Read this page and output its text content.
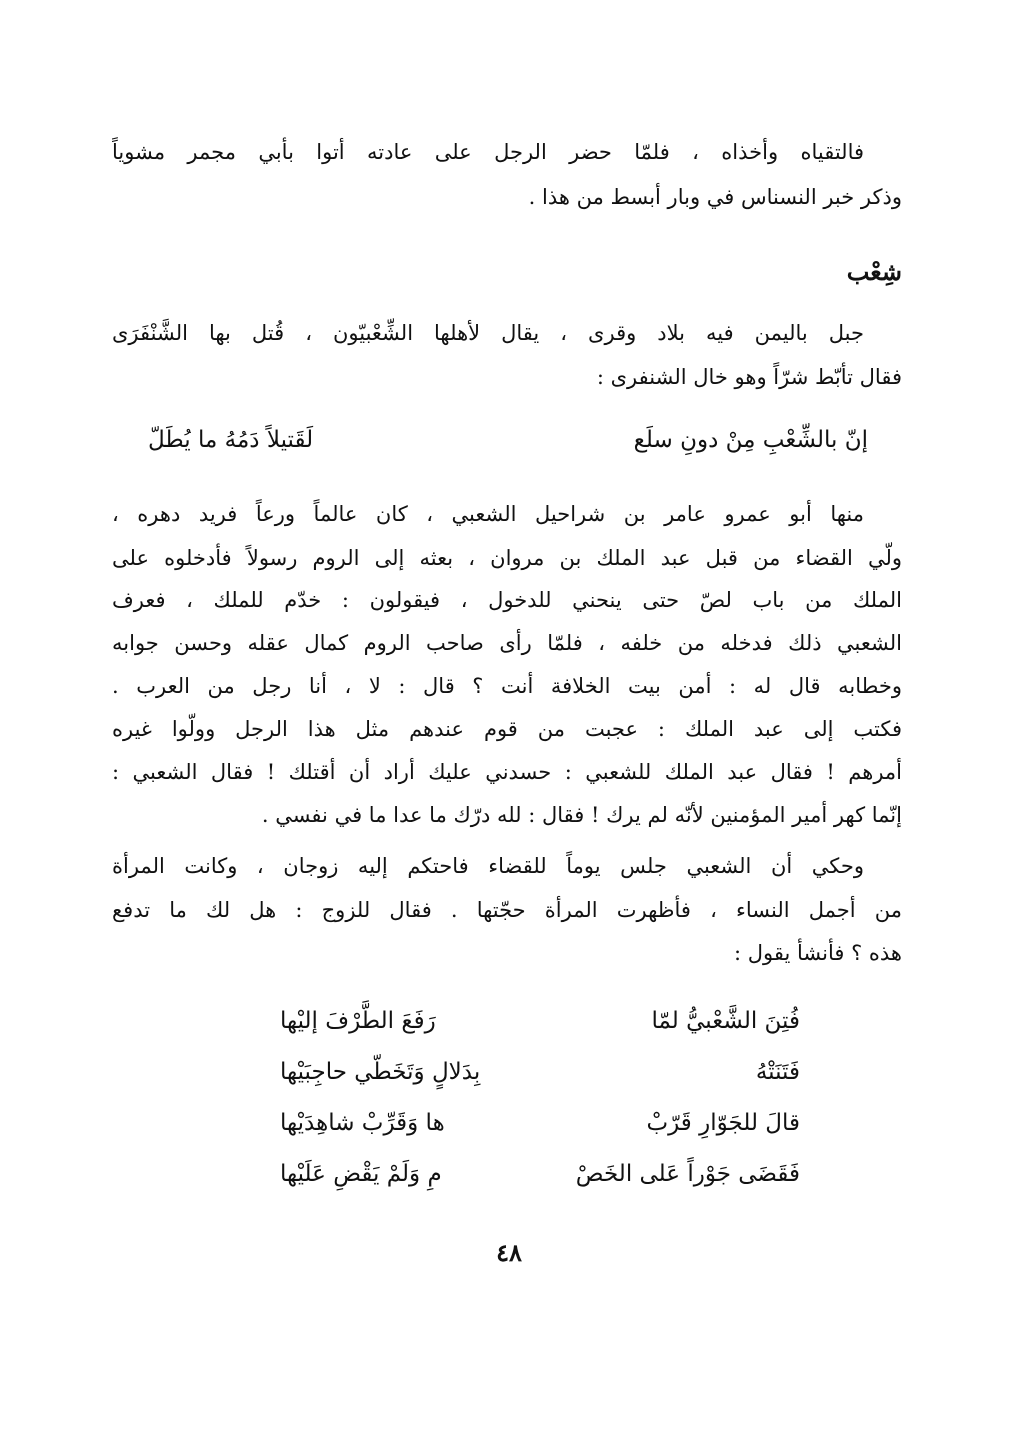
فالتقياه وأخذاه ، فلمّا حضر الرجل على عادته أتوا بأبي مجمر مشوياً
وذكر خبر النسناس في وبار أبسط من هذا .
شِعْب
جبل باليمن فيه بلاد وقرى ، يقال لأهلها الشِّعْبيّون ، قُتل بها الشَّنْفَرَى
فقال تأبّط شرّاً وهو خال الشنفرى :
إنّ بالشِّعْبِ مِنْ دونِ سلَع
لَقَتيلاً دَمُهُ ما يُطَلّ
منها أبو عمرو عامر بن شراحيل الشعبي ، كان عالماً ورعاً فريد دهره ،
ولّي القضاء من قبل عبد الملك بن مروان ، بعثه إلى الروم رسولاً فأدخلوه على
الملك من باب لصّ حتى ينحني للدخول ، فيقولون : خدّم للملك ، فعرف
الشعبي ذلك فدخله من خلفه ، فلمّا رأى صاحب الروم كمال عقله وحسن جوابه
وخطابه قال له : أمن بيت الخلافة أنت ؟ قال : لا ، أنا رجل من العرب .
فكتب إلى عبد الملك : عجبت من قوم عندهم مثل هذا الرجل وولّوا غيره
أمرهم ! فقال عبد الملك للشعبي : حسدني عليك أراد أن أقتلك ! فقال الشعبي :
إنّما كهر أمير المؤمنين لأنّه لم يرك ! فقال : لله درّك ما عدا ما في نفسي .
وحكي أن الشعبي جلس يوماً للقضاء فاحتكم إليه زوجان ، وكانت المرأة
من أجمل النساء ، فأظهرت المرأة حجّتها . فقال للزوج : هل لك ما تدفع
هذه ؟ فأنشأ يقول :
فُتِنَ الشَّعْبيُّ لمّا
رَفَعَ الطَّرْفَ إليْها
فَتَنَتْهُ
بِدَلالٍ وَتَخَطّي حاجِبَيْها
قالَ للجَوّارِ قَرّبْ
ها وَقَرِّبْ شاهِدَيْها
فَقَضَى جَوْراً عَلى الخَصْ
مِ وَلَمْ يَقْضِ عَلَيْها
٤٨
